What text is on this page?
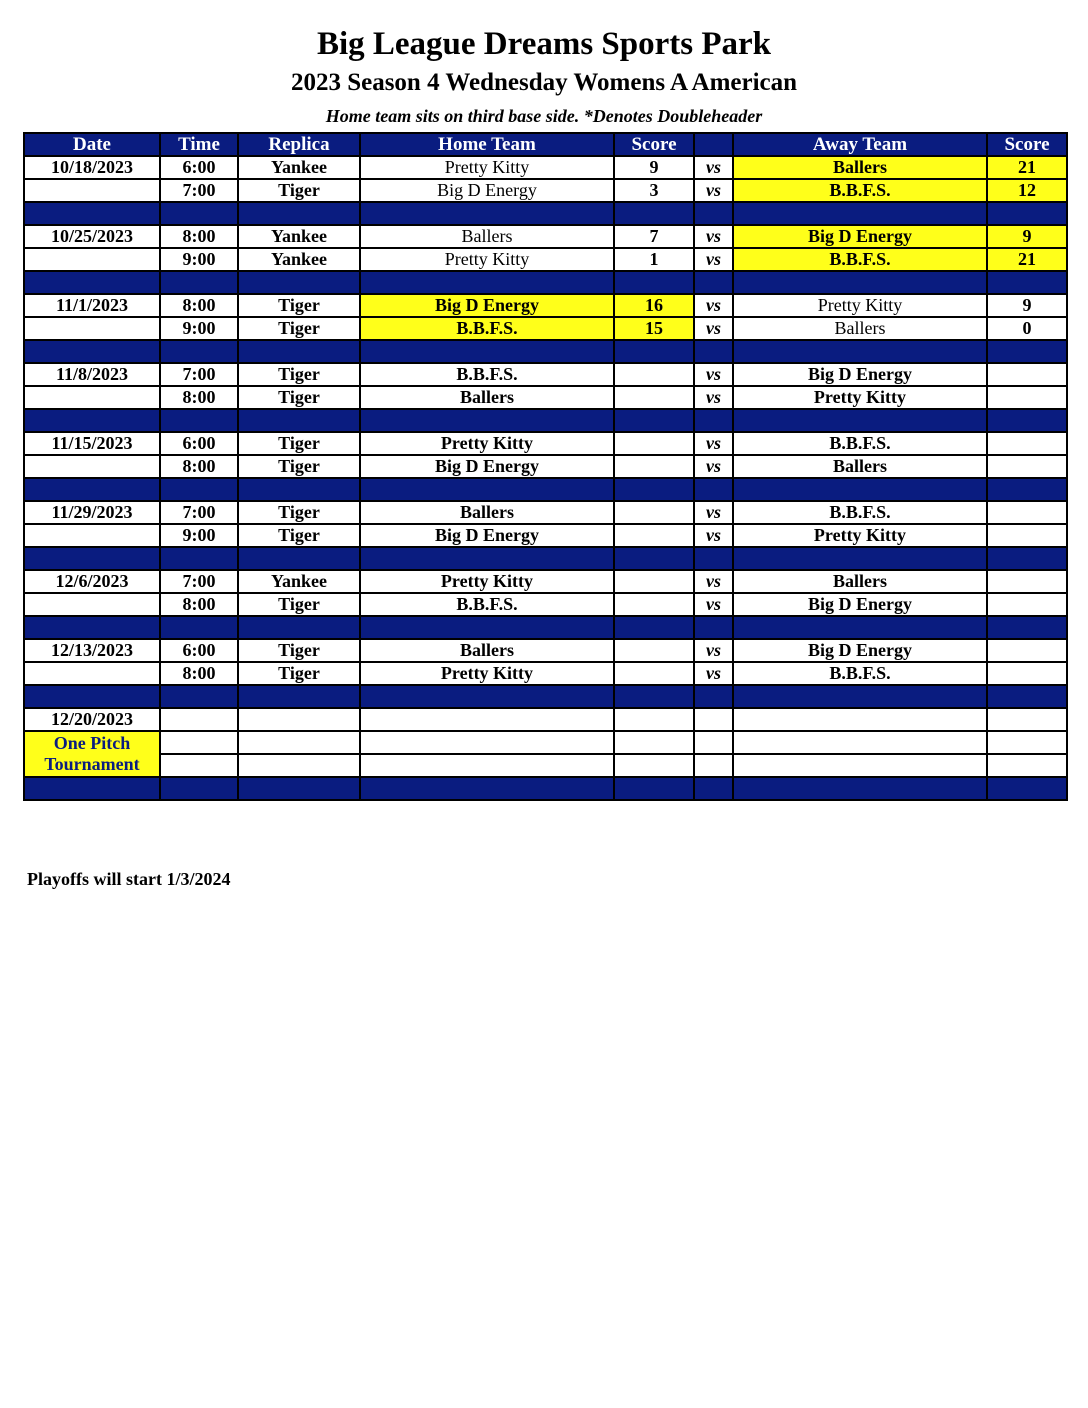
Big League Dreams Sports Park
2023 Season 4 Wednesday Womens A American
Home team sits on third base side. *Denotes Doubleheader
Date	Time	Replica	Home Team	Score		Away Team	Score
10/18/2023	6:00	Yankee	Pretty Kitty	9	vs	Ballers	21
	7:00	Tiger	Big D Energy	3	vs	B.B.F.S.	12

10/25/2023	8:00	Yankee	Ballers	7	vs	Big D Energy	9
	9:00	Yankee	Pretty Kitty	1	vs	B.B.F.S.	21

11/1/2023	8:00	Tiger	Big D Energy	16	vs	Pretty Kitty	9
	9:00	Tiger	B.B.F.S.	15	vs	Ballers	0

11/8/2023	7:00	Tiger	B.B.F.S.		vs	Big D Energy	
	8:00	Tiger	Ballers		vs	Pretty Kitty	

11/15/2023	6:00	Tiger	Pretty Kitty		vs	B.B.F.S.	
	8:00	Tiger	Big D Energy		vs	Ballers	

11/29/2023	7:00	Tiger	Ballers		vs	B.B.F.S.	
	9:00	Tiger	Big D Energy		vs	Pretty Kitty	

12/6/2023	7:00	Yankee	Pretty Kitty		vs	Ballers	
	8:00	Tiger	B.B.F.S.		vs	Big D Energy	

12/13/2023	6:00	Tiger	Ballers		vs	Big D Energy	
	8:00	Tiger	Pretty Kitty		vs	B.B.F.S.	

12/20/2023							

One Pitch
Tournament							

Playoffs will start 1/3/2024
